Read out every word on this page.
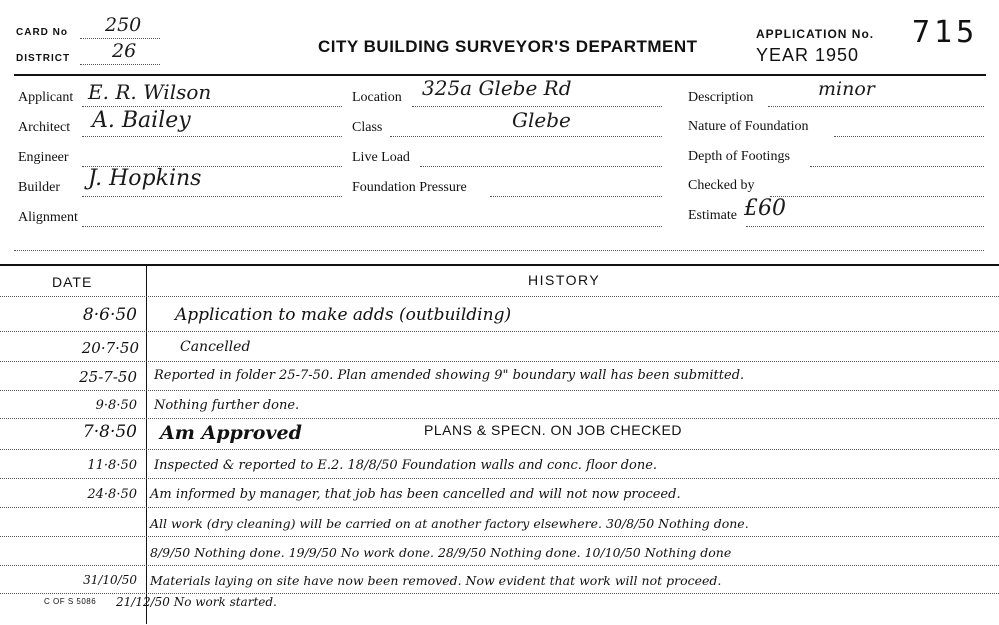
CARD No 250
DISTRICT 26	CITY BUILDING SURVEYOR'S DEPARTMENT
APPLICATION No. 715
YEAR 1950
Applicant E. R. Wilson
Architect A. Bailey
Engineer
Builder J. Hopkins
Alignment
Location 325a Glebe Rd
Class	Glebe
Live Load
Foundation Pressure
Description	minor
Nature of Foundation
Depth of Footings
Checked by
Estimate £60
DATE	HISTORY
8·6·50 Application to make adds (outbuilding)
20·7·50	Cancelled
25-7-50 Reported in folder 25-7-50. Plan amended showing 9" boundary wall has been submitted.
9·8·50 Nothing further done.
7·8·50 Am Approved	PLANS & SPECN. ON JOB CHECKED
11·8·50 Inspected & reported to E.2. 18/8/50 Foundation walls and conc. floor done.
24·8·50 Am informed by manager, that job has been cancelled and will not now proceed.
All work (dry cleaning) will be carried on at another factory elsewhere. 30/8/50 Nothing done.
8/9/50 Nothing done. 19/9/50 No work done. 28/9/50 Nothing done. 10/10/50 Nothing done
31/10/50 Materials laying on site have now been removed. Now evident that work will not proceed.
C OF S 5086 21/12/50 No work started.
